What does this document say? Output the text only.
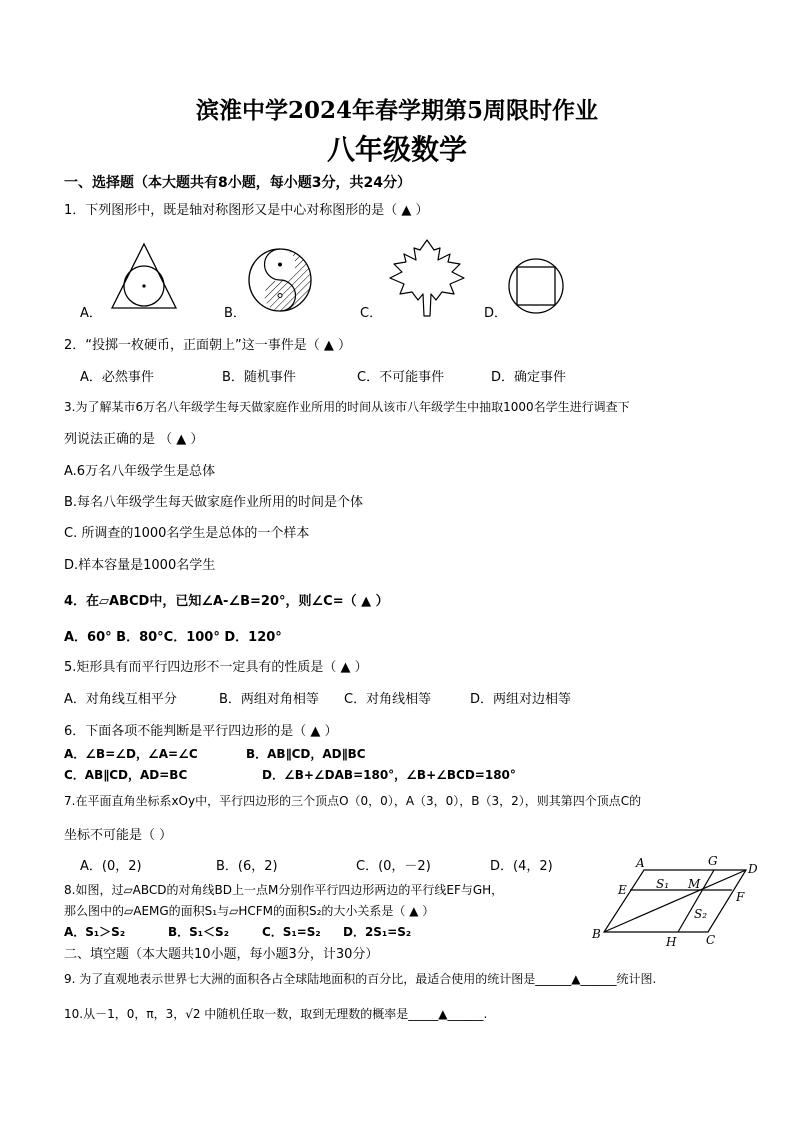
滨淮中学2024年春学期第5周限时作业
八年级数学
一、选择题（本大题共有8小题，每小题3分，共24分）
1．下列图形中，既是轴对称图形又是中心对称图形的是（ ▲ ）
A．	B．	C．	D．
2．“投掷一枚硬币，正面朝上”这一事件是（ ▲ ）
A．必然事件	B．随机事件	C．不可能事件	D．确定事件
3.为了解某市6万名八年级学生每天做家庭作业所用的时间从该市八年级学生中抽取1000名学生进行调查下
列说法正确的是 （ ▲ ）
A.6万名八年级学生是总体
B.每名八年级学生每天做家庭作业所用的时间是个体
C. 所调查的1000名学生是总体的一个样本
D.样本容量是1000名学生
4．在▱ABCD中，已知∠A-∠B=20°，则∠C=（ ▲ ）
A．60° B．80°C．100° D．120°
5.矩形具有而平行四边形不一定具有的性质是（ ▲ ）
A．对角线互相平分	B．两组对角相等 C．对角线相等	D．两组对边相等
6．下面各项不能判断是平行四边形的是（ ▲ ）
A．∠B=∠D，∠A=∠C	B．AB∥CD，AD∥BC
C．AB∥CD，AD=BC	D．∠B+∠DAB=180°，∠B+∠BCD=180°
7.在平面直角坐标系xOy中，平行四边形的三个顶点O（0，0），A（3，0），B（3，2），则其第四个顶点C的
坐标不可能是（ ）
A．(0，2)	B．(6，2)	C．(0，－2)	D．(4，2)
8.如图，过▱ABCD的对角线BD上一点M分别作平行四边形两边的平行线EF与GH，
那么图中的▱AEMG的面积S₁与▱HCFM的面积S₂的大小关系是（ ▲ ）
A．S₁＞S₂	B．S₁＜S₂	C．S₁=S₂ D．2S₁=S₂
A	G
D
E S₁ M
F
S₂
B
H C
二、填空题（本大题共10小题，每小题3分，计30分）
9. 为了直观地表示世界七大洲的面积各占全球陆地面积的百分比，最适合使用的统计图是______▲______统计图.
10.从－1，0，π，3，√2 中随机任取一数，取到无理数的概率是_____▲______.
